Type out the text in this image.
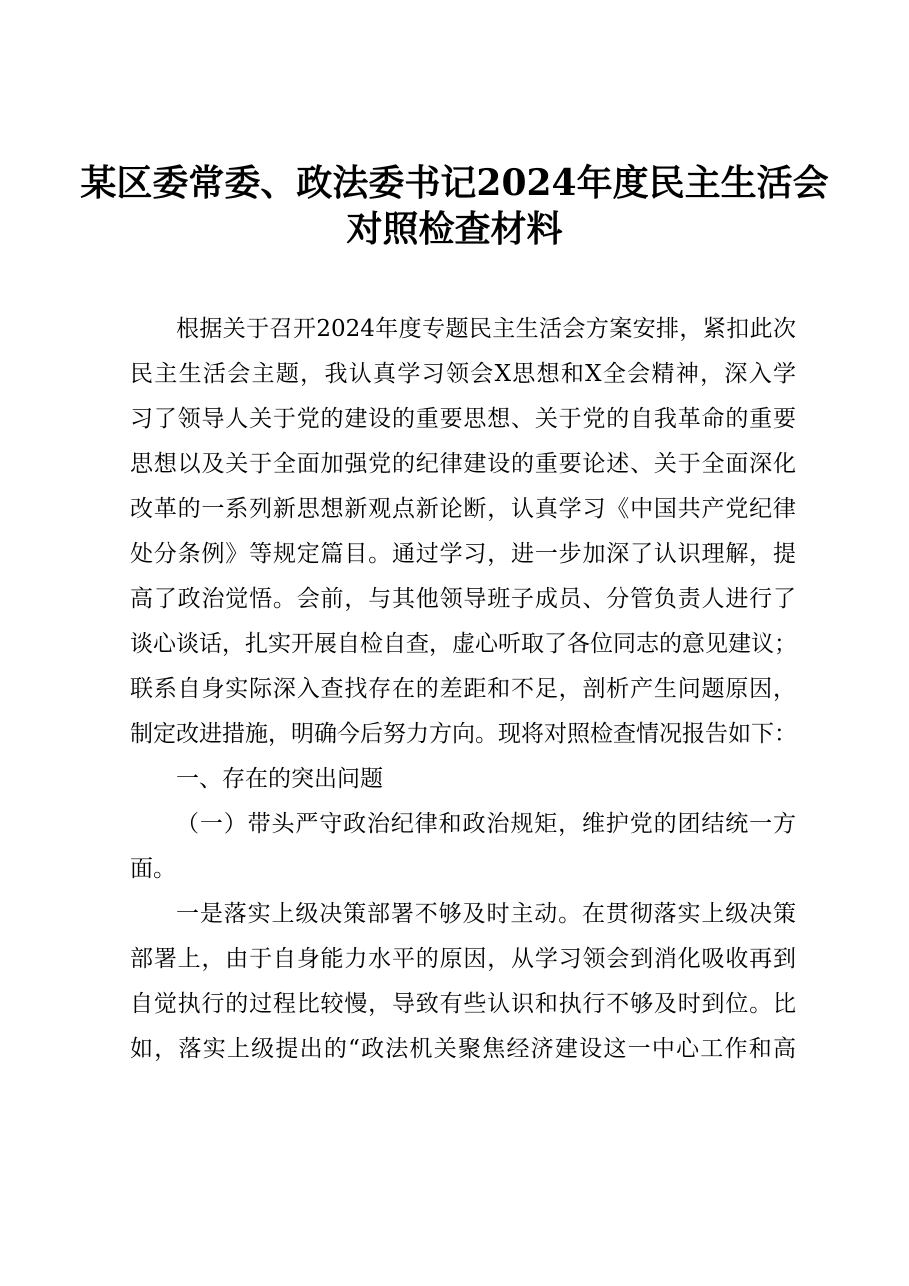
某区委常委、政法委书记2024年度民主生活会
对照检查材料
根据关于召开2024年度专题民主生活会方案安排，紧扣此次
民主生活会主题，我认真学习领会X思想和X全会精神，深入学
习了领导人关于党的建设的重要思想、关于党的自我革命的重要
思想以及关于全面加强党的纪律建设的重要论述、关于全面深化
改革的一系列新思想新观点新论断，认真学习《中国共产党纪律
处分条例》等规定篇目。通过学习，进一步加深了认识理解，提
高了政治觉悟。会前，与其他领导班子成员、分管负责人进行了
谈心谈话，扎实开展自检自查，虚心听取了各位同志的意见建议；
联系自身实际深入查找存在的差距和不足，剖析产生问题原因，
制定改进措施，明确今后努力方向。现将对照检查情况报告如下：
一、存在的突出问题
（一）带头严守政治纪律和政治规矩，维护党的团结统一方
面。
一是落实上级决策部署不够及时主动。在贯彻落实上级决策
部署上，由于自身能力水平的原因，从学习领会到消化吸收再到
自觉执行的过程比较慢，导致有些认识和执行不够及时到位。比
如，落实上级提出的“政法机关聚焦经济建设这一中心工作和高
